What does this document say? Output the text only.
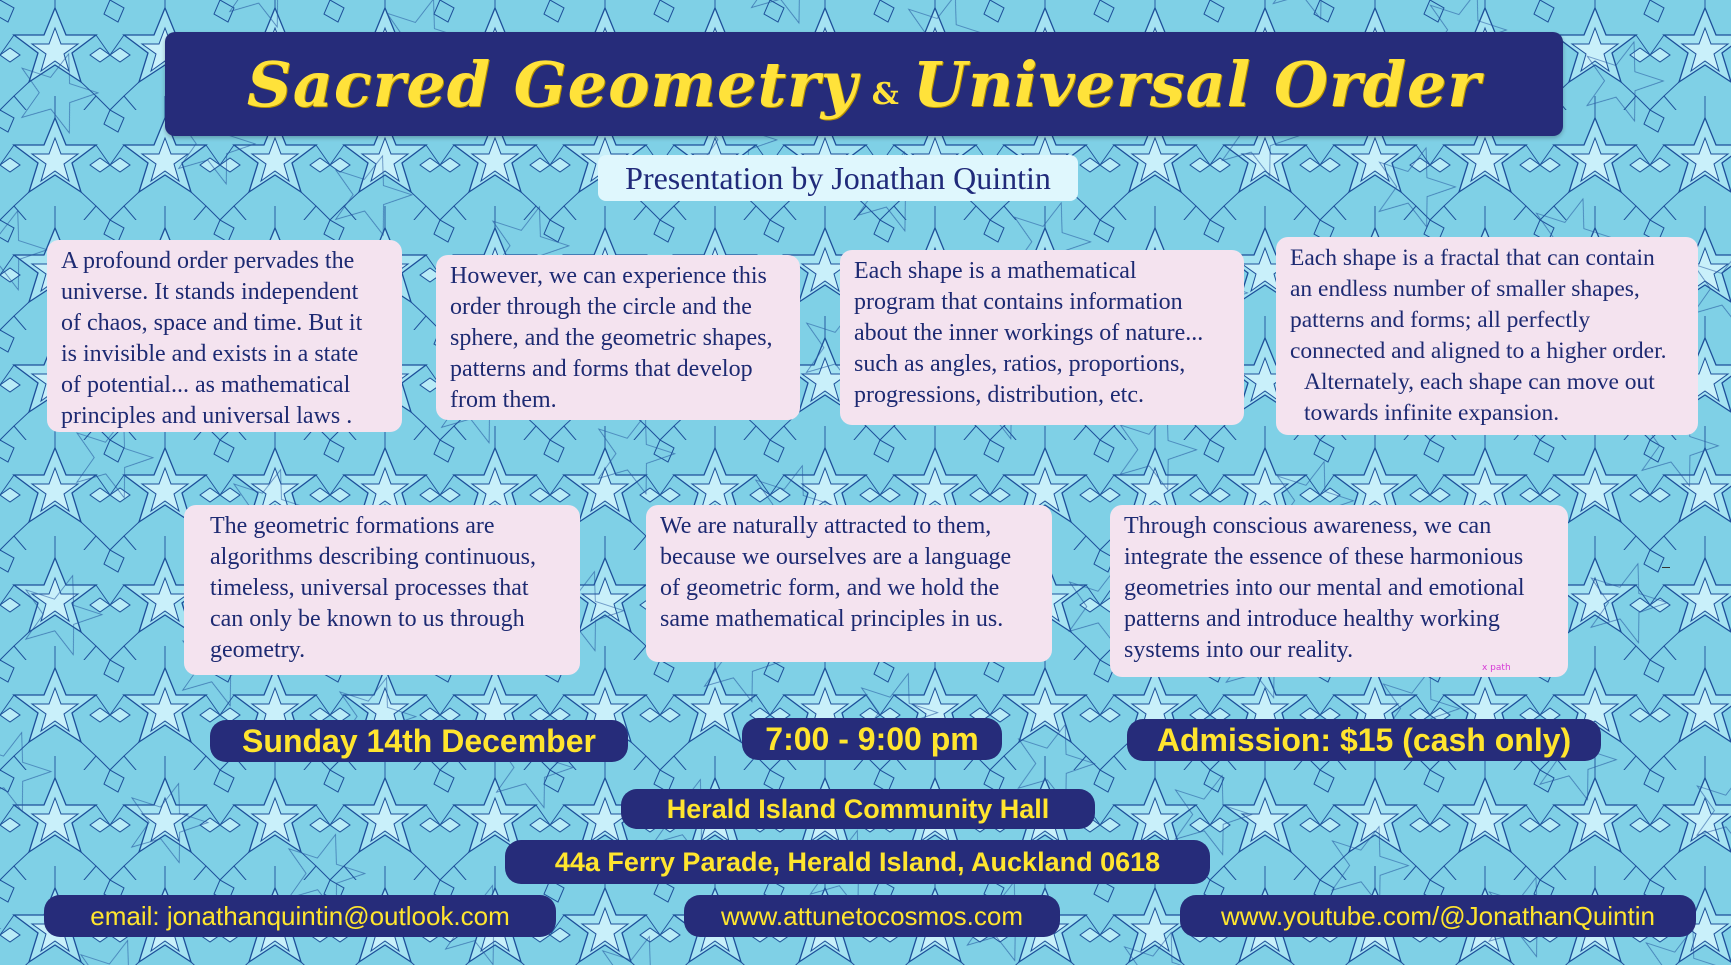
Sacred Geometry & Universal Order
Presentation by Jonathan Quintin

A profound order pervades the

universe. It stands independent

of chaos, space and time. But it

is invisible and exists in a state

of potential... as mathematical

principles and universal laws .

However, we can experience this

order through the circle and the

sphere, and the geometric shapes,

patterns and forms that develop

from them.

Each shape is a mathematical

program that contains information

about the inner workings of nature...

such as angles, ratios, proportions,

progressions, distribution, etc.

Each shape is a fractal that can contain

an endless number of smaller shapes,

patterns and forms; all perfectly

connected and aligned to a higher order.

Alternately, each shape can move out

towards infinite expansion.

The geometric formations are

algorithms describing continuous,

timeless, universal processes that

can only be known to us through

geometry.

We are naturally attracted to them,

because we ourselves are a language

of geometric form, and we hold the

same mathematical principles in us.

Through conscious awareness, we can

integrate the essence of these harmonious

geometries into our mental and emotional

patterns and introduce healthy working

systems into our reality.

x path
Sunday 14th December	7:00 - 9:00 pm	Admission: $15 (cash only)
Herald Island Community Hall
44a Ferry Parade, Herald Island, Auckland 0618
email: jonathanquintin@outlook.com	www.attunetocosmos.com	www.youtube.com/@JonathanQuintin
